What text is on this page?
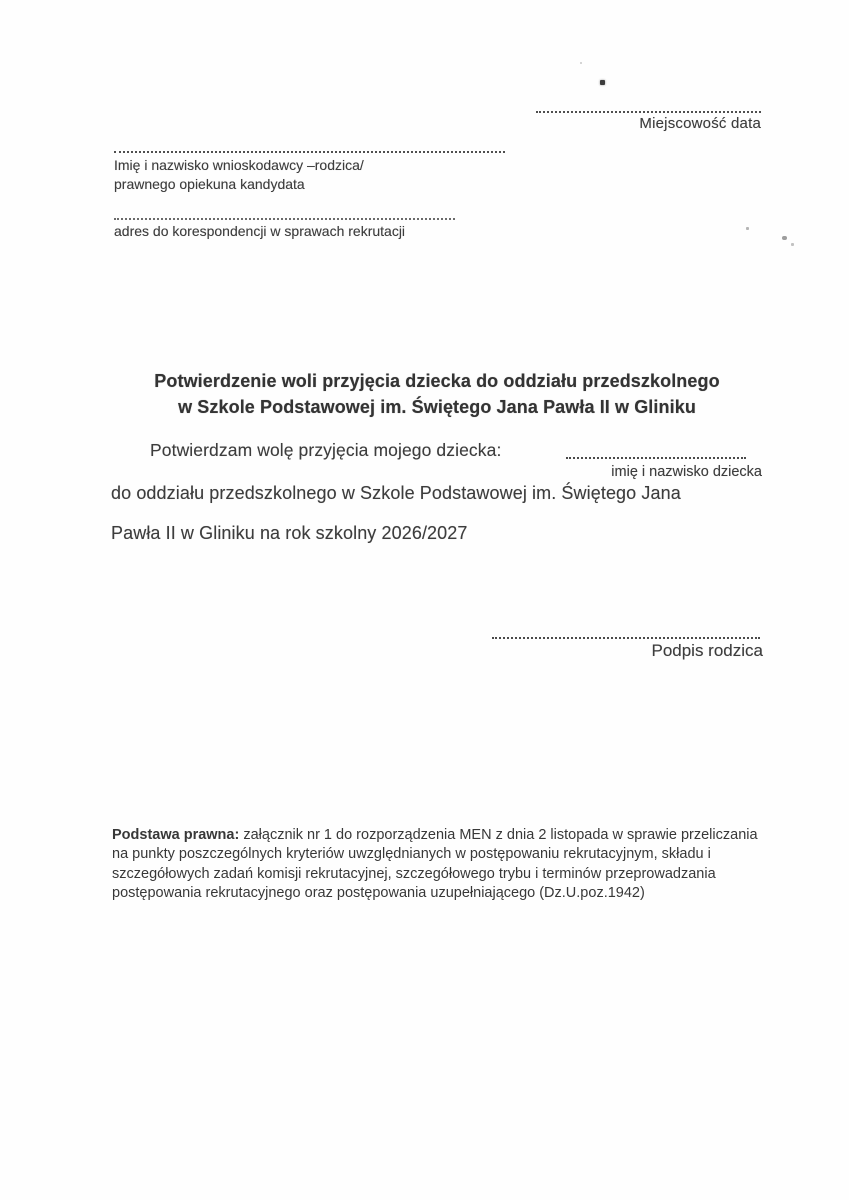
Miejscowość data
Imię i nazwisko wnioskodawcy –rodzica/
prawnego opiekuna kandydata
adres do korespondencji w sprawach rekrutacji
Potwierdzenie woli przyjęcia dziecka do oddziału przedszkolnego
w Szkole Podstawowej im. Świętego Jana Pawła II w Gliniku
Potwierdzam wolę przyjęcia mojego dziecka:
imię i nazwisko dziecka
do oddziału przedszkolnego w Szkole Podstawowej im. Świętego Jana
Pawła II w Gliniku na rok szkolny 2026/2027
Podpis rodzica
Podstawa prawna: załącznik nr 1 do rozporządzenia MEN z dnia 2 listopada w sprawie przeliczania
na punkty poszczególnych kryteriów uwzględnianych w postępowaniu rekrutacyjnym, składu i
szczegółowych zadań komisji rekrutacyjnej, szczegółowego trybu i terminów przeprowadzania
postępowania rekrutacyjnego oraz postępowania uzupełniającego (Dz.U.poz.1942)
